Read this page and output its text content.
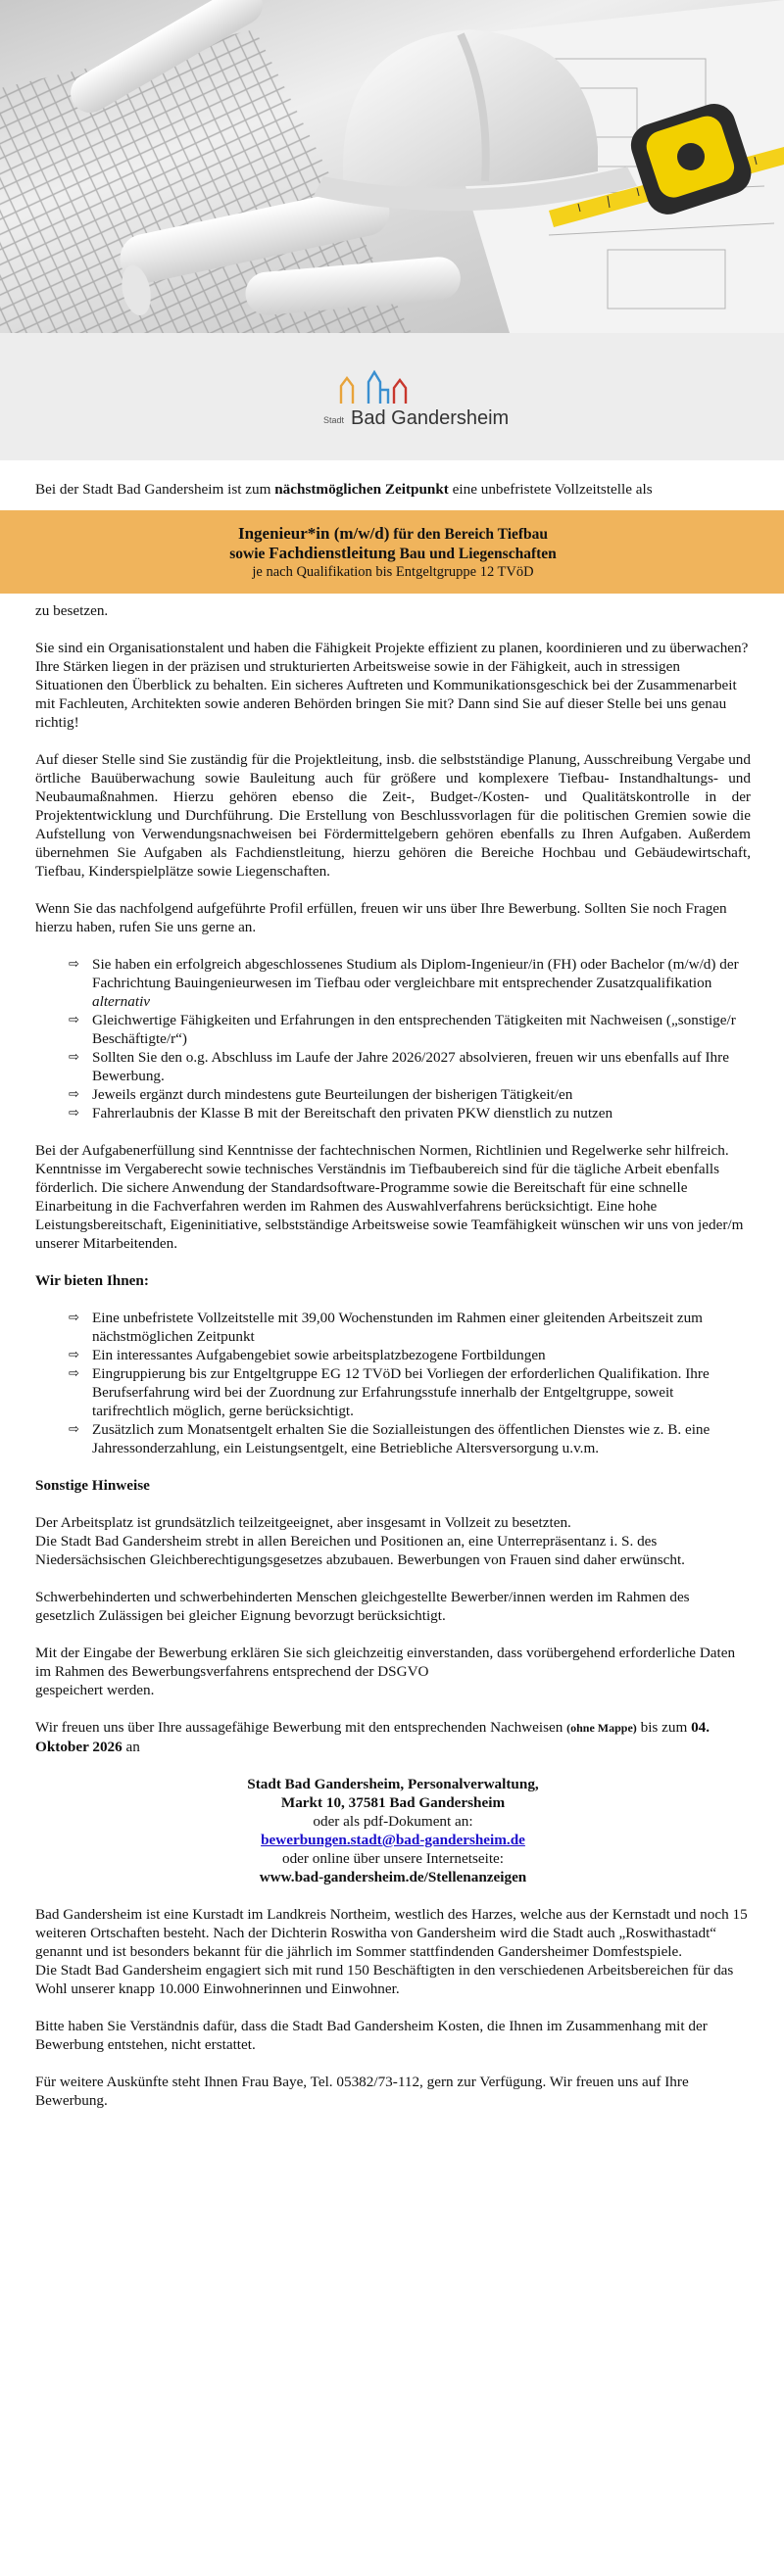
Stadt Bad Gandersheim

Bei der Stadt Bad Gandersheim ist zum nächstmöglichen Zeitpunkt eine unbefristete Vollzeitstelle als

Ingenieur*in (m/w/d) für den Bereich Tiefbau
sowie Fachdienstleitung Bau und Liegenschaften
je nach Qualifikation bis Entgeltgruppe 12 TVöD

zu besetzen.

Sie sind ein Organisationstalent und haben die Fähigkeit Projekte effizient zu planen, koordinieren und zu überwachen? Ihre Stärken liegen in der präzisen und strukturierten Arbeitsweise sowie in der Fähigkeit, auch in stressigen Situationen den Überblick zu behalten. Ein sicheres Auftreten und Kommunikationsgeschick bei der Zusammenarbeit mit Fachleuten, Architekten sowie anderen Behörden bringen Sie mit? Dann sind Sie auf dieser Stelle bei uns genau richtig!

Auf dieser Stelle sind Sie zuständig für die Projektleitung, insb. die selbstständige Planung, Ausschreibung Vergabe und örtliche Bauüberwachung sowie Bauleitung auch für größere und komplexere Tiefbau- Instandhaltungs- und Neubaumaßnahmen. Hierzu gehören ebenso die Zeit-, Budget-/Kosten- und Qualitätskontrolle in der Projektentwicklung und Durchführung. Die Erstellung von Beschlussvorlagen für die politischen Gremien sowie die Aufstellung von Verwendungsnachweisen bei Fördermittelgebern gehören ebenfalls zu Ihren Aufgaben. Außerdem übernehmen Sie Aufgaben als Fachdienstleitung, hierzu gehören die Bereiche Hochbau und Gebäudewirtschaft, Tiefbau, Kinderspielplätze sowie Liegenschaften.

Wenn Sie das nachfolgend aufgeführte Profil erfüllen, freuen wir uns über Ihre Bewerbung. Sollten Sie noch Fragen hierzu haben, rufen Sie uns gerne an.

⇨ Sie haben ein erfolgreich abgeschlossenes Studium als Diplom-Ingenieur/in (FH) oder Bachelor (m/w/d) der Fachrichtung Bauingenieurwesen im Tiefbau oder vergleichbare mit entsprechender Zusatzqualifikation alternativ
⇨ Gleichwertige Fähigkeiten und Erfahrungen in den entsprechenden Tätigkeiten mit Nachweisen („sonstige/r Beschäftigte/r“)
⇨ Sollten Sie den o.g. Abschluss im Laufe der Jahre 2026/2027 absolvieren, freuen wir uns ebenfalls auf Ihre Bewerbung.
⇨ Jeweils ergänzt durch mindestens gute Beurteilungen der bisherigen Tätigkeit/en
⇨ Fahrerlaubnis der Klasse B mit der Bereitschaft den privaten PKW dienstlich zu nutzen

Bei der Aufgabenerfüllung sind Kenntnisse der fachtechnischen Normen, Richtlinien und Regelwerke sehr hilfreich. Kenntnisse im Vergaberecht sowie technisches Verständnis im Tiefbaubereich sind für die tägliche Arbeit ebenfalls förderlich. Die sichere Anwendung der Standardsoftware-Programme sowie die Bereitschaft für eine schnelle Einarbeitung in die Fachverfahren werden im Rahmen des Auswahlverfahrens berücksichtigt. Eine hohe Leistungsbereitschaft, Eigeninitiative, selbstständige Arbeitsweise sowie Teamfähigkeit wünschen wir uns von jeder/m unserer Mitarbeitenden.

Wir bieten Ihnen:
⇨ Eine unbefristete Vollzeitstelle mit 39,00 Wochenstunden im Rahmen einer gleitenden Arbeitszeit zum nächstmöglichen Zeitpunkt
⇨ Ein interessantes Aufgabengebiet sowie arbeitsplatzbezogene Fortbildungen
⇨ Eingruppierung bis zur Entgeltgruppe EG 12 TVöD bei Vorliegen der erforderlichen Qualifikation. Ihre Berufserfahrung wird bei der Zuordnung zur Erfahrungsstufe innerhalb der Entgeltgruppe, soweit tarifrechtlich möglich, gerne berücksichtigt.
⇨ Zusätzlich zum Monatsentgelt erhalten Sie die Sozialleistungen des öffentlichen Dienstes wie z. B. eine Jahressonderzahlung, ein Leistungsentgelt, eine Betriebliche Altersversorgung u.v.m.
Sonstige Hinweise

Der Arbeitsplatz ist grundsätzlich teilzeitgeeignet, aber insgesamt in Vollzeit zu besetzten.
Die Stadt Bad Gandersheim strebt in allen Bereichen und Positionen an, eine Unterrepräsentanz i. S. des Niedersächsischen Gleichberechtigungsgesetzes abzubauen. Bewerbungen von Frauen sind daher erwünscht.

Schwerbehinderten und schwerbehinderten Menschen gleichgestellte Bewerber/innen werden im Rahmen des gesetzlich Zulässigen bei gleicher Eignung bevorzugt berücksichtigt.

Mit der Eingabe der Bewerbung erklären Sie sich gleichzeitig einverstanden, dass vorübergehend erforderliche Daten im Rahmen des Bewerbungsverfahrens entsprechend der DSGVO
gespeichert werden.

Wir freuen uns über Ihre aussagefähige Bewerbung mit den entsprechenden Nachweisen (ohne Mappe) bis zum 04. Oktober 2026 an

Stadt Bad Gandersheim, Personalverwaltung,
Markt 10, 37581 Bad Gandersheim
oder als pdf-Dokument an:
bewerbungen.stadt@bad-gandersheim.de
oder online über unsere Internetseite:
www.bad-gandersheim.de/Stellenanzeigen

Bad Gandersheim ist eine Kurstadt im Landkreis Northeim, westlich des Harzes, welche aus der Kernstadt und noch 15 weiteren Ortschaften besteht. Nach der Dichterin Roswitha von Gandersheim wird die Stadt auch „Roswithastadt“ genannt und ist besonders bekannt für die jährlich im Sommer stattfindenden Gandersheimer Domfestspiele.
Die Stadt Bad Gandersheim engagiert sich mit rund 150 Beschäftigten in den verschiedenen Arbeitsbereichen für das Wohl unserer knapp 10.000 Einwohnerinnen und Einwohner.

Bitte haben Sie Verständnis dafür, dass die Stadt Bad Gandersheim Kosten, die Ihnen im Zusammenhang mit der Bewerbung entstehen, nicht erstattet.

Für weitere Auskünfte steht Ihnen Frau Baye, Tel. 05382/73-112, gern zur Verfügung. Wir freuen uns auf Ihre Bewerbung.
